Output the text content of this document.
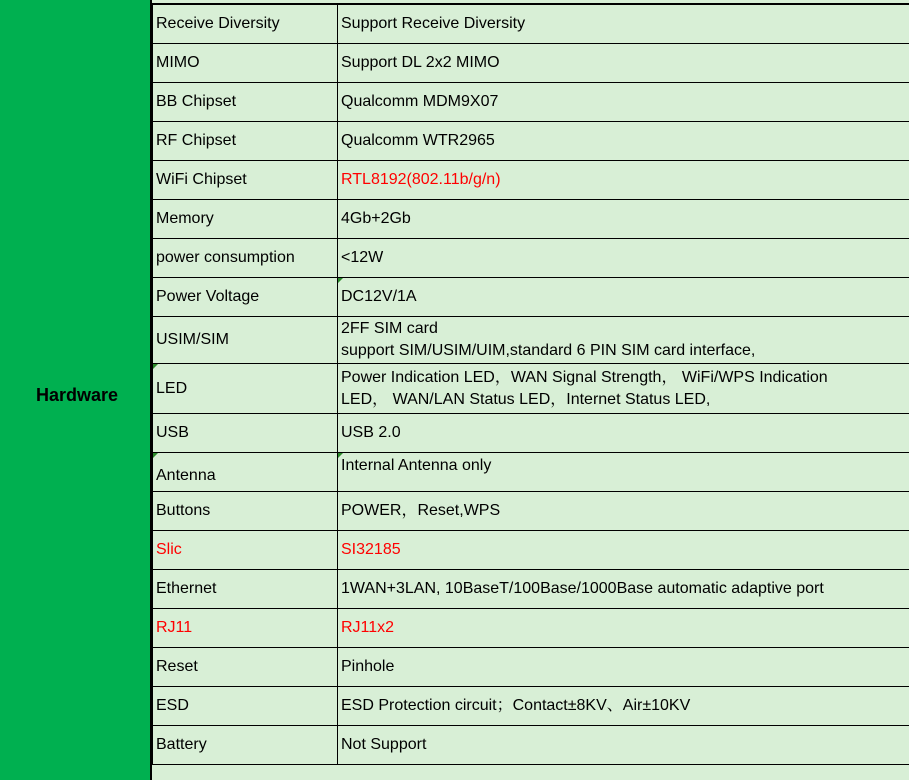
Hardware
Receive Diversity	Support Receive Diversity
MIMO	Support DL 2x2 MIMO
BB Chipset	Qualcomm MDM9X07
RF Chipset	Qualcomm WTR2965
WiFi Chipset	RTL8192(802.11b/g/n)
Memory	4Gb+2Gb
power consumption	<12W
Power Voltage	DC12V/1A
USIM/SIM	2FF SIM card
support SIM/USIM/UIM,standard 6 PIN SIM card interface,

LED	Power Indication LED，WAN Signal Strength， WiFi/WPS Indication
LED， WAN/LAN Status LED，Internet Status LED,

USB	USB 2.0
Antenna	Internal Antenna only
Buttons	POWER，Reset,WPS
Slic	SI32185
Ethernet	1WAN+3LAN, 10BaseT/100Base/1000Base automatic adaptive port
RJ11	RJ11x2
Reset	Pinhole
ESD	ESD Protection circuit；Contact±8KV、Air±10KV
Battery	Not Support
